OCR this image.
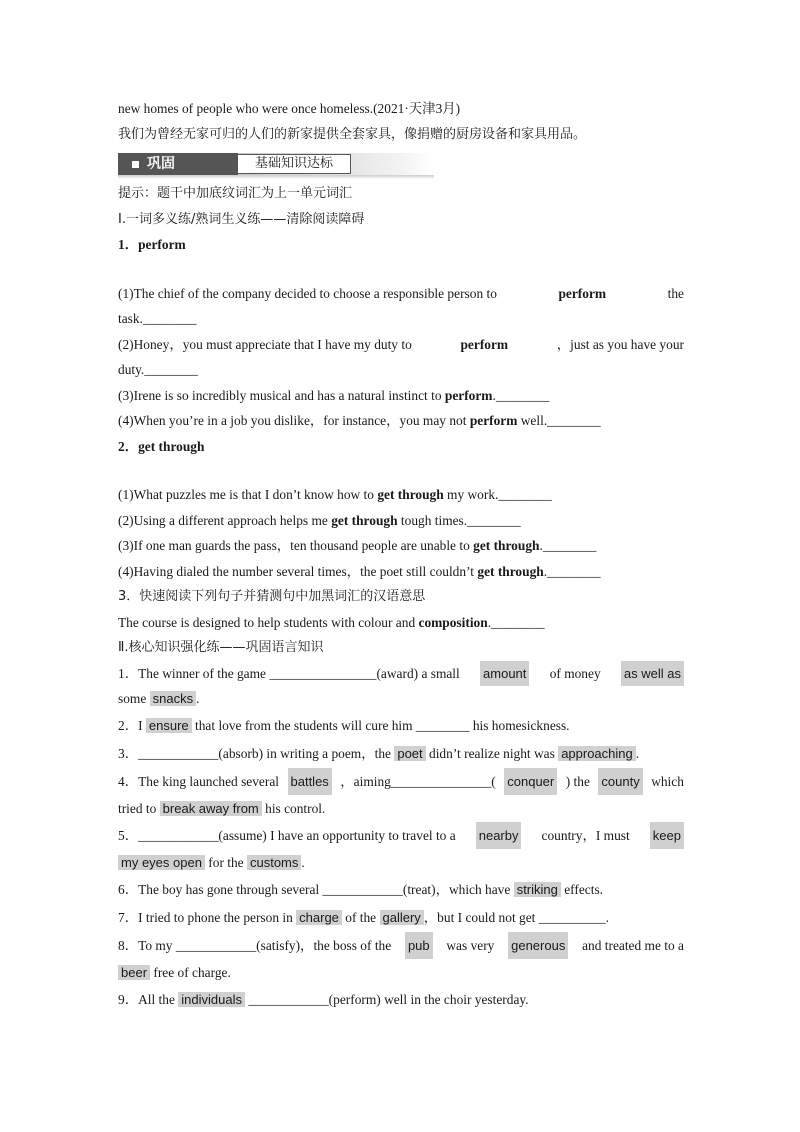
new homes of people who were once homeless.(2021·天津3月)
我们为曾经无家可归的人们的新家提供全套家具，像捐赠的厨房设备和家具用品。
巩固	基础知识达标
提示：题干中加底纹词汇为上一单元词汇
Ⅰ.一词多义练/熟词生义练——清除阅读障碍
1．perform
(1)The chief of the company decided to choose a responsible person to	perform	the
task.________
(2)Honey，you must appreciate that I have my duty to	perform	，just as you have your
duty.________
(3)Irene is so incredibly musical and has a natural instinct to perform.________
(4)When you’re in a job you dislike，for instance，you may not perform well.________
2．get through
(1)What puzzles me is that I don’t know how to get through my work.________
(2)Using a different approach helps me get through tough times.________
(3)If one man guards the pass，ten thousand people are unable to get through.________
(4)Having dialed the number several times，the poet still couldn’t get through.________
3．快速阅读下列句子并猜测句中加黑词汇的汉语意思
The course is designed to help students with colour and composition.________
Ⅱ.核心知识强化练——巩固语言知识
1．The winner of the game ________________(award) a small amount of money as well as
some snacks .
2．I ensure that love from the students will cure him ________ his homesickness.
3．____________(absorb) in writing a poem，the poet didn’t realize night was approaching .
4．The king launched several battles ，aiming_______________( conquer ) the county which
tried to break away from his control.
5．____________(assume) I have an opportunity to travel to a nearby country，I must keep
my eyes open for the customs .
6．The boy has gone through several ____________(treat)，which have striking effects.
7．I tried to phone the person in charge of the gallery ，but I could not get __________.
8．To my ____________(satisfy)，the boss of the pub was very generous and treated me to a
beer free of charge.
9．All the individuals ____________(perform) well in the choir yesterday.
